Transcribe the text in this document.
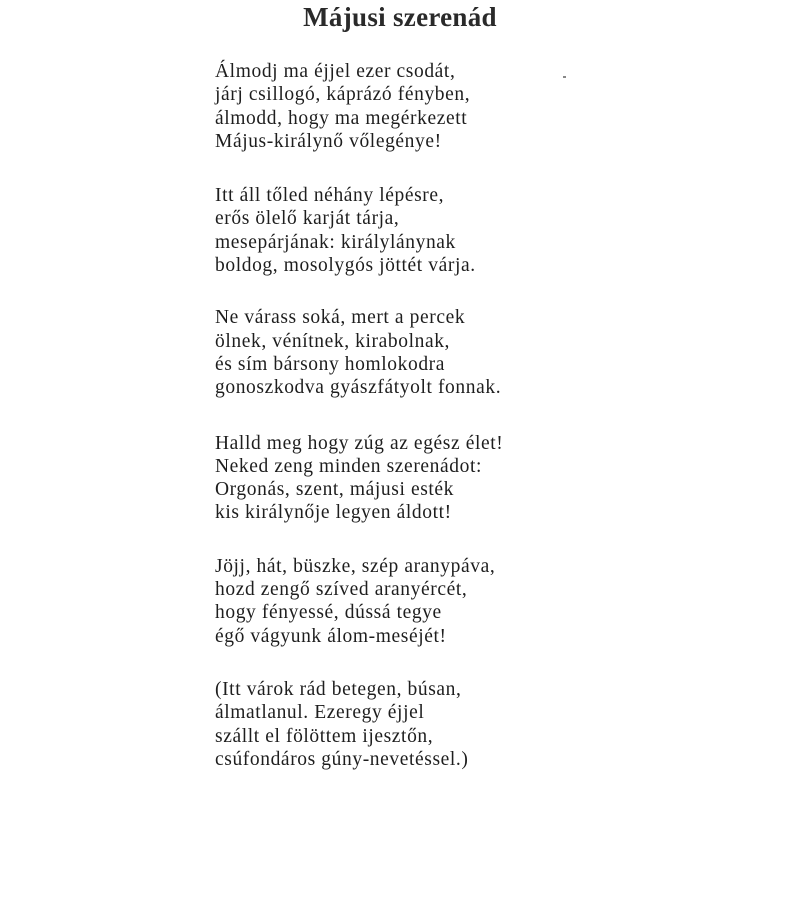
Májusi szerenád
Álmodj ma éjjel ezer csodát,
járj csillogó, káprázó fényben,
álmodd, hogy ma megérkezett
Május-királynő vőlegénye!
Itt áll tőled néhány lépésre,
erős ölelő karját tárja,
mesepárjának: királylánynak
boldog, mosolygós jöttét várja.
Ne várass soká, mert a percek
ölnek, vénítnek, kirabolnak,
és sím bársony homlokodra
gonoszkodva gyászfátyolt fonnak.
Halld meg hogy zúg az egész élet!
Neked zeng minden szerenádot:
Orgonás, szent, májusi esték
kis királynője legyen áldott!
Jöjj, hát, büszke, szép aranypáva,
hozd zengő szíved aranyércét,
hogy fényessé, dússá tegye
égő vágyunk álom-meséjét!
(Itt várok rád betegen, búsan,
álmatlanul. Ezeregy éjjel
szállt el fölöttem ijesztőn,
csúfondáros gúny-nevetéssel.)
